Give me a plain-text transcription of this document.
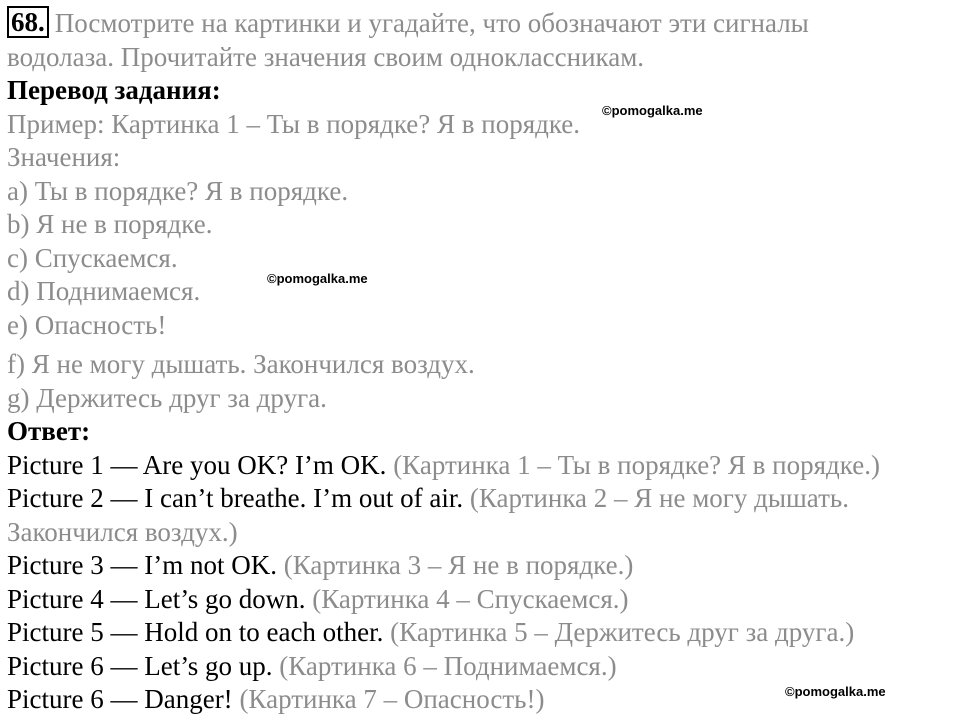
68. Посмотрите на картинки и угадайте, что обозначают эти сигналы
водолаза. Прочитайте значения своим одноклассникам.
Перевод задания:
Пример: Картинка 1 – Ты в порядке? Я в порядке.
Значения:
a) Ты в порядке? Я в порядке.
b) Я не в порядке.
c) Спускаемся.
d) Поднимаемся.
e) Опасность!
f) Я не могу дышать. Закончился воздух.
g) Держитесь друг за друга.
Ответ:
Picture 1 — Are you OK? I’m OK. (Картинка 1 – Ты в порядке? Я в порядке.)
Picture 2 — I can’t breathe. I’m out of air. (Картинка 2 – Я не могу дышать.
Закончился воздух.)
Picture 3 — I’m not OK. (Картинка 3 – Я не в порядке.)
Picture 4 — Let’s go down. (Картинка 4 – Спускаемся.)
Picture 5 — Hold on to each other. (Картинка 5 – Держитесь друг за друга.)
Picture 6 — Let’s go up. (Картинка 6 – Поднимаемся.)
Picture 6 — Danger! (Картинка 7 – Опасность!)
©pomogalka.me
©pomogalka.me
©pomogalka.me
